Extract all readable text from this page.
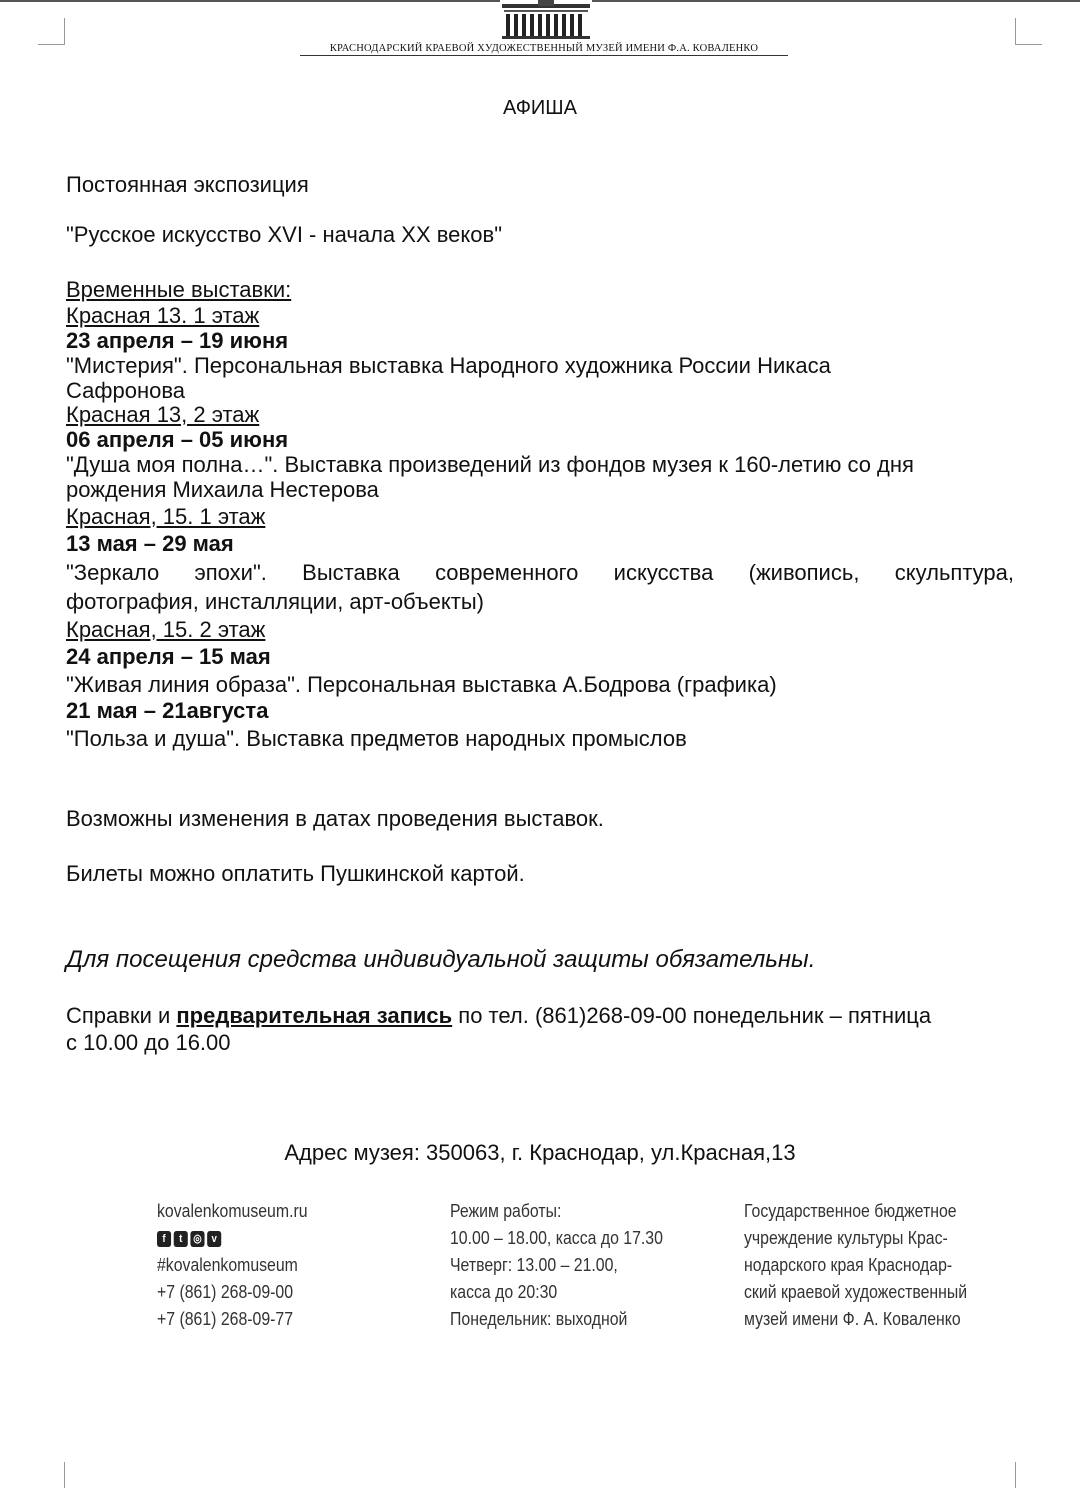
КРАСНОДАРСКИЙ КРАЕВОЙ ХУДОЖЕСТВЕННЫЙ МУЗЕЙ ИМЕНИ Ф.А. КОВАЛЕНКО
АФИША
Постоянная экспозиция
"Русское искусство XVI - начала XX веков"
Временные выставки:
Красная 13. 1 этаж
23 апреля – 19 июня
"Мистерия". Персональная выставка Народного художника России Никаса
Сафронова
Красная 13, 2 этаж
06 апреля – 05 июня
"Душа моя полна…". Выставка произведений из фондов музея к 160-летию со дня
рождения Михаила Нестерова
Красная, 15. 1 этаж
13 мая – 29 мая
"Зеркало эпохи". Выставка современного искусства (живопись, скульптура,
фотография, инсталляции, арт-объекты)
Красная, 15. 2 этаж
24 апреля – 15 мая
"Живая линия образа". Персональная выставка А.Бодрова (графика)
21 мая – 21августа
"Польза и душа". Выставка предметов народных промыслов
Возможны изменения в датах проведения выставок.
Билеты можно оплатить Пушкинской картой.
Для посещения средства индивидуальной защиты обязательны.
Справки и предварительная запись по тел. (861)268-09-00 понедельник – пятница
с 10.00 до 16.00
Адрес музея: 350063, г. Краснодар, ул.Красная,13
kovalenkomuseum.ru
f	t ◎ v
#kovalenkomuseum
+7 (861) 268-09-00
+7 (861) 268-09-77
Режим работы:
10.00 – 18.00, касса до 17.30
Четверг: 13.00 – 21.00,
касса до 20:30
Понедельник: выходной
Государственное бюджетное
учреждение культуры Крас-
нодарского края Краснодар-
ский краевой художественный
музей имени Ф. А. Коваленко
